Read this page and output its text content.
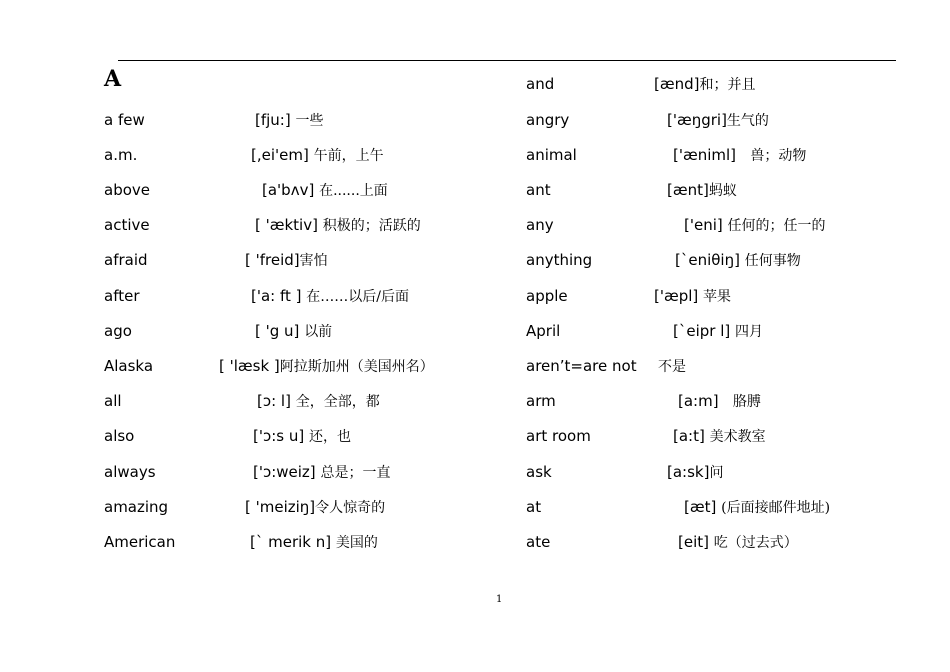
A
a few	[fju:] 一些
a.m.	[,ei'em] 午前，上午
above	[a'bʌv] 在......上面
active	[ 'æktiv] 积极的；活跃的
afraid	[ 'freid]害怕
after	['a: ft ] 在……以后/后面
ago	[ 'g u] 以前
Alaska	[ 'læsk ]阿拉斯加州（美国州名）
all	[ɔ: l] 全，全部，都
also	['ɔ:s u] 还，也
always	['ɔ:weiz] 总是；一直
amazing	[ 'meiziŋ]令人惊奇的
American	[ˋ merik n] 美国的
and	[ænd]和；并且
angry	['æŋgri]生气的
animal	['æniml] 兽；动物
ant	[ænt]蚂蚁
any	['eni] 任何的；任一的
anything	[ˋeniθiŋ] 任何事物
apple	['æpl] 苹果
April	[ˋeipr l] 四月
aren’t=are not 不是
arm	[a:m] 胳膊
art room	[a:t] 美术教室
ask	[a:sk]问
at	[æt] (后面接邮件地址)
ate	[eit] 吃（过去式）
1
